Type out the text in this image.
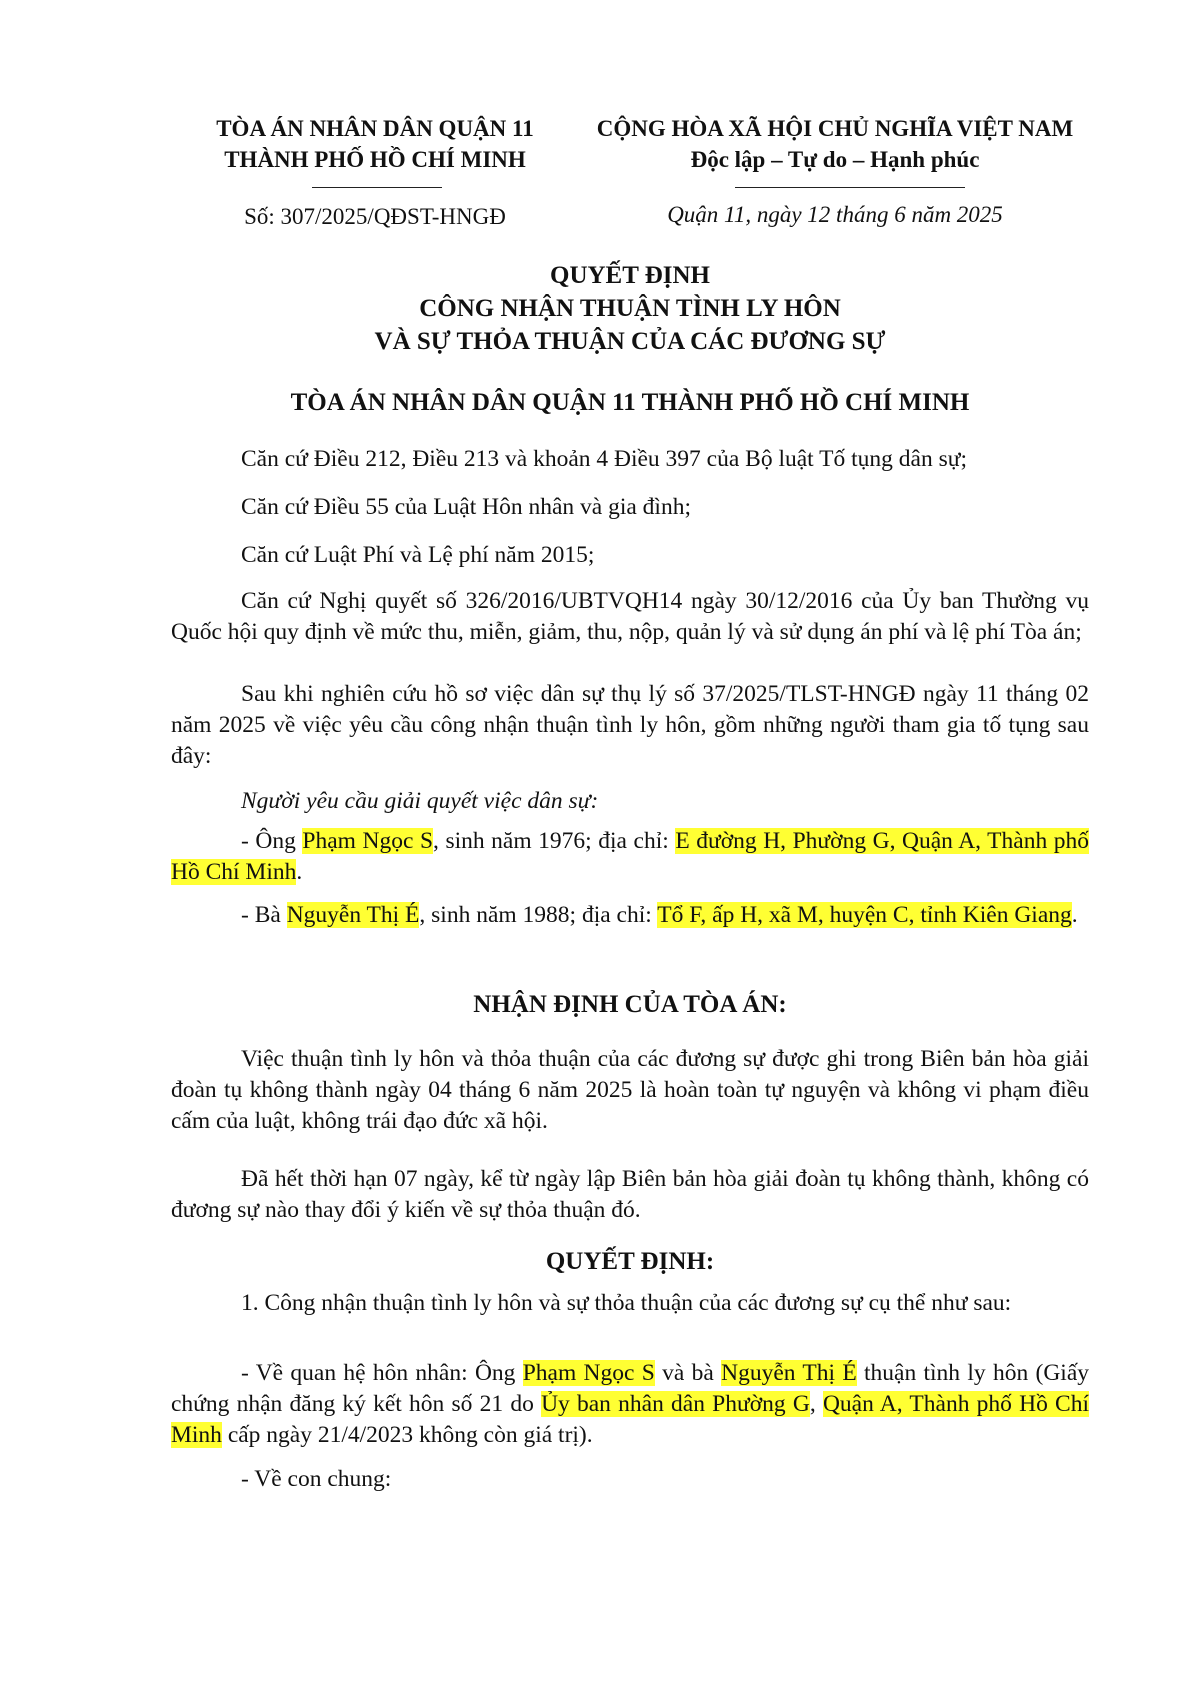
TÒA ÁN NHÂN DÂN QUẬN 11
THÀNH PHỐ HỒ CHÍ MINH
CỘNG HÒA XÃ HỘI CHỦ NGHĨA VIỆT NAM
Độc lập – Tự do – Hạnh phúc
Số: 307/2025/QĐST-HNGĐ	Quận 11, ngày 12 tháng 6 năm 2025
QUYẾT ĐỊNH
CÔNG NHẬN THUẬN TÌNH LY HÔN
VÀ SỰ THỎA THUẬN CỦA CÁC ĐƯƠNG SỰ
TÒA ÁN NHÂN DÂN QUẬN 11 THÀNH PHỐ HỒ CHÍ MINH
Căn cứ Điều 212, Điều 213 và khoản 4 Điều 397 của Bộ luật Tố tụng dân sự;
Căn cứ Điều 55 của Luật Hôn nhân và gia đình;
Căn cứ Luật Phí và Lệ phí năm 2015;
Căn cứ Nghị quyết số 326/2016/UBTVQH14 ngày 30/12/2016 của Ủy ban Thường vụ Quốc hội quy định về mức thu, miễn, giảm, thu, nộp, quản lý và sử dụng án phí và lệ phí Tòa án;
Sau khi nghiên cứu hồ sơ việc dân sự thụ lý số 37/2025/TLST-HNGĐ ngày 11 tháng 02 năm 2025 về việc yêu cầu công nhận thuận tình ly hôn, gồm những người tham gia tố tụng sau đây:
Người yêu cầu giải quyết việc dân sự:
- Ông Phạm Ngọc S, sinh năm 1976; địa chỉ: E đường H, Phường G, Quận A, Thành phố Hồ Chí Minh.
- Bà Nguyễn Thị É, sinh năm 1988; địa chỉ: Tổ F, ấp H, xã M, huyện C, tỉnh Kiên Giang.
NHẬN ĐỊNH CỦA TÒA ÁN:
Việc thuận tình ly hôn và thỏa thuận của các đương sự được ghi trong Biên bản hòa giải đoàn tụ không thành ngày 04 tháng 6 năm 2025 là hoàn toàn tự nguyện và không vi phạm điều cấm của luật, không trái đạo đức xã hội.
Đã hết thời hạn 07 ngày, kể từ ngày lập Biên bản hòa giải đoàn tụ không thành, không có đương sự nào thay đổi ý kiến về sự thỏa thuận đó.
QUYẾT ĐỊNH:
1. Công nhận thuận tình ly hôn và sự thỏa thuận của các đương sự cụ thể như sau:
- Về quan hệ hôn nhân: Ông Phạm Ngọc S và bà Nguyễn Thị É thuận tình ly hôn (Giấy chứng nhận đăng ký kết hôn số 21 do Ủy ban nhân dân Phường G, Quận A, Thành phố Hồ Chí Minh cấp ngày 21/4/2023 không còn giá trị).
- Về con chung:
